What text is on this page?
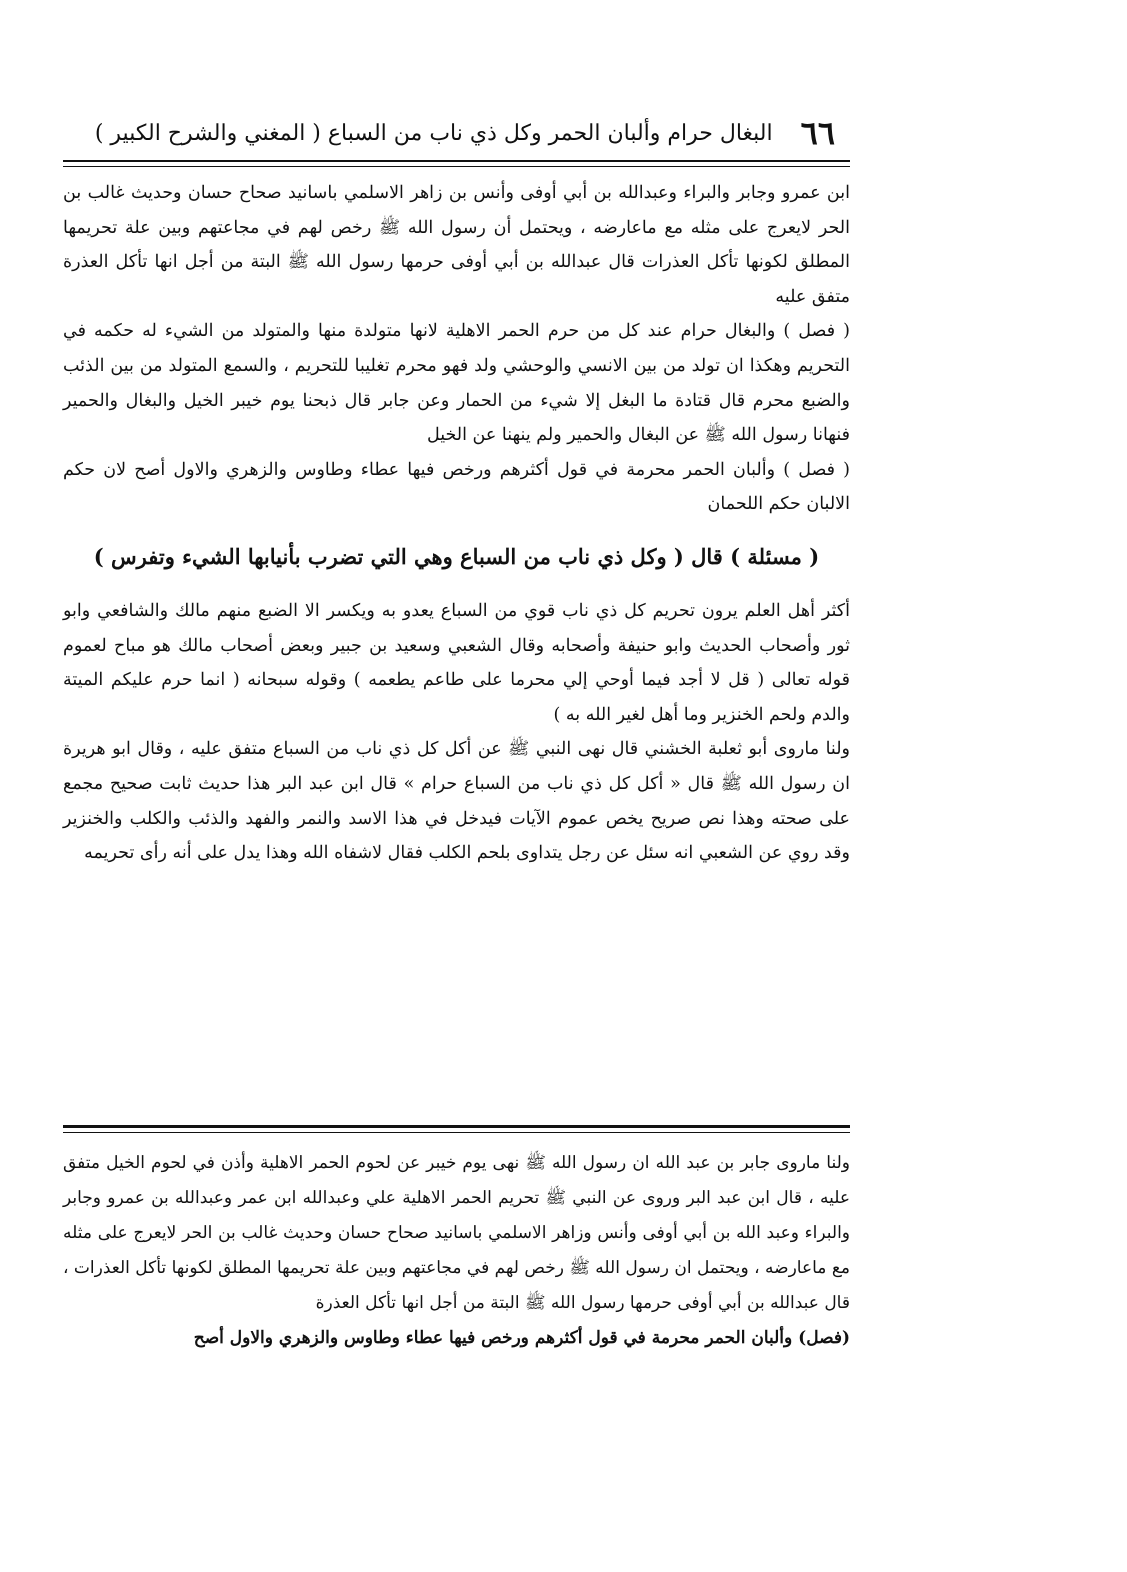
٦٦
البغال حرام وألبان الحمر وكل ذي ناب من السباع ( المغني والشرح الكبير )

ابن عمرو وجابر والبراء وعبدالله بن أبي أوفى وأنس بن زاهر الاسلمي باسانيد صحاح حسان وحديث غالب بن الحر لايعرج على مثله مع ماعارضه ، ويحتمل أن رسول الله ﷺ رخص لهم في مجاعتهم وبين علة تحريمها المطلق لكونها تأكل العذرات قال عبدالله بن أبي أوفى حرمها رسول الله ﷺ البتة من أجل انها تأكل العذرة متفق عليه

( فصل ) والبغال حرام عند كل من حرم الحمر الاهلية لانها متولدة منها والمتولد من الشيء له حكمه في التحريم وهكذا ان تولد من بين الانسي والوحشي ولد فهو محرم تغليبا للتحريم ، والسمع المتولد من بين الذئب والضبع محرم قال قتادة ما البغل إلا شيء من الحمار وعن جابر قال ذبحنا يوم خيبر الخيل والبغال والحمير فنهانا رسول الله ﷺ عن البغال والحمير ولم ينهنا عن الخيل

( فصل ) وألبان الحمر محرمة في قول أكثرهم ورخص فيها عطاء وطاوس والزهري والاول أصح لان حكم الالبان حكم اللحمان

( مسئلة ) قال ( وكل ذي ناب من السباع وهي التي تضرب بأنيابها الشيء وتفرس )

أكثر أهل العلم يرون تحريم كل ذي ناب قوي من السباع يعدو به ويكسر الا الضبع منهم مالك والشافعي وابو ثور وأصحاب الحديث وابو حنيفة وأصحابه وقال الشعبي وسعيد بن جبير وبعض أصحاب مالك هو مباح لعموم قوله تعالى ( قل لا أجد فيما أوحي إلي محرما على طاعم يطعمه ) وقوله سبحانه ( انما حرم عليكم الميتة والدم ولحم الخنزير وما أهل لغير الله به )

ولنا ماروى أبو ثعلبة الخشني قال نهى النبي ﷺ عن أكل كل ذي ناب من السباع متفق عليه ، وقال ابو هريرة ان رسول الله ﷺ قال « أكل كل ذي ناب من السباع حرام » قال ابن عبد البر هذا حديث ثابت صحيح مجمع على صحته وهذا نص صريح يخص عموم الآيات فيدخل في هذا الاسد والنمر والفهد والذئب والكلب والخنزير وقد روي عن الشعبي انه سئل عن رجل يتداوى بلحم الكلب فقال لاشفاه الله وهذا يدل على أنه رأى تحريمه

ولنا ماروى جابر بن عبد الله ان رسول الله ﷺ نهى يوم خيبر عن لحوم الحمر الاهلية وأذن في لحوم الخيل متفق عليه ، قال ابن عبد البر وروى عن النبي ﷺ تحريم الحمر الاهلية علي وعبدالله ابن عمر وعبدالله بن عمرو وجابر والبراء وعبد الله بن أبي أوفى وأنس وزاهر الاسلمي باسانيد صحاح حسان وحديث غالب بن الحر لايعرج على مثله مع ماعارضه ، ويحتمل ان رسول الله ﷺ رخص لهم في مجاعتهم وبين علة تحريمها المطلق لكونها تأكل العذرات ، قال عبدالله بن أبي أوفى حرمها رسول الله ﷺ البتة من أجل انها تأكل العذرة

(فصل) وألبان الحمر محرمة في قول أكثرهم ورخص فيها عطاء وطاوس والزهري والاول أصح
